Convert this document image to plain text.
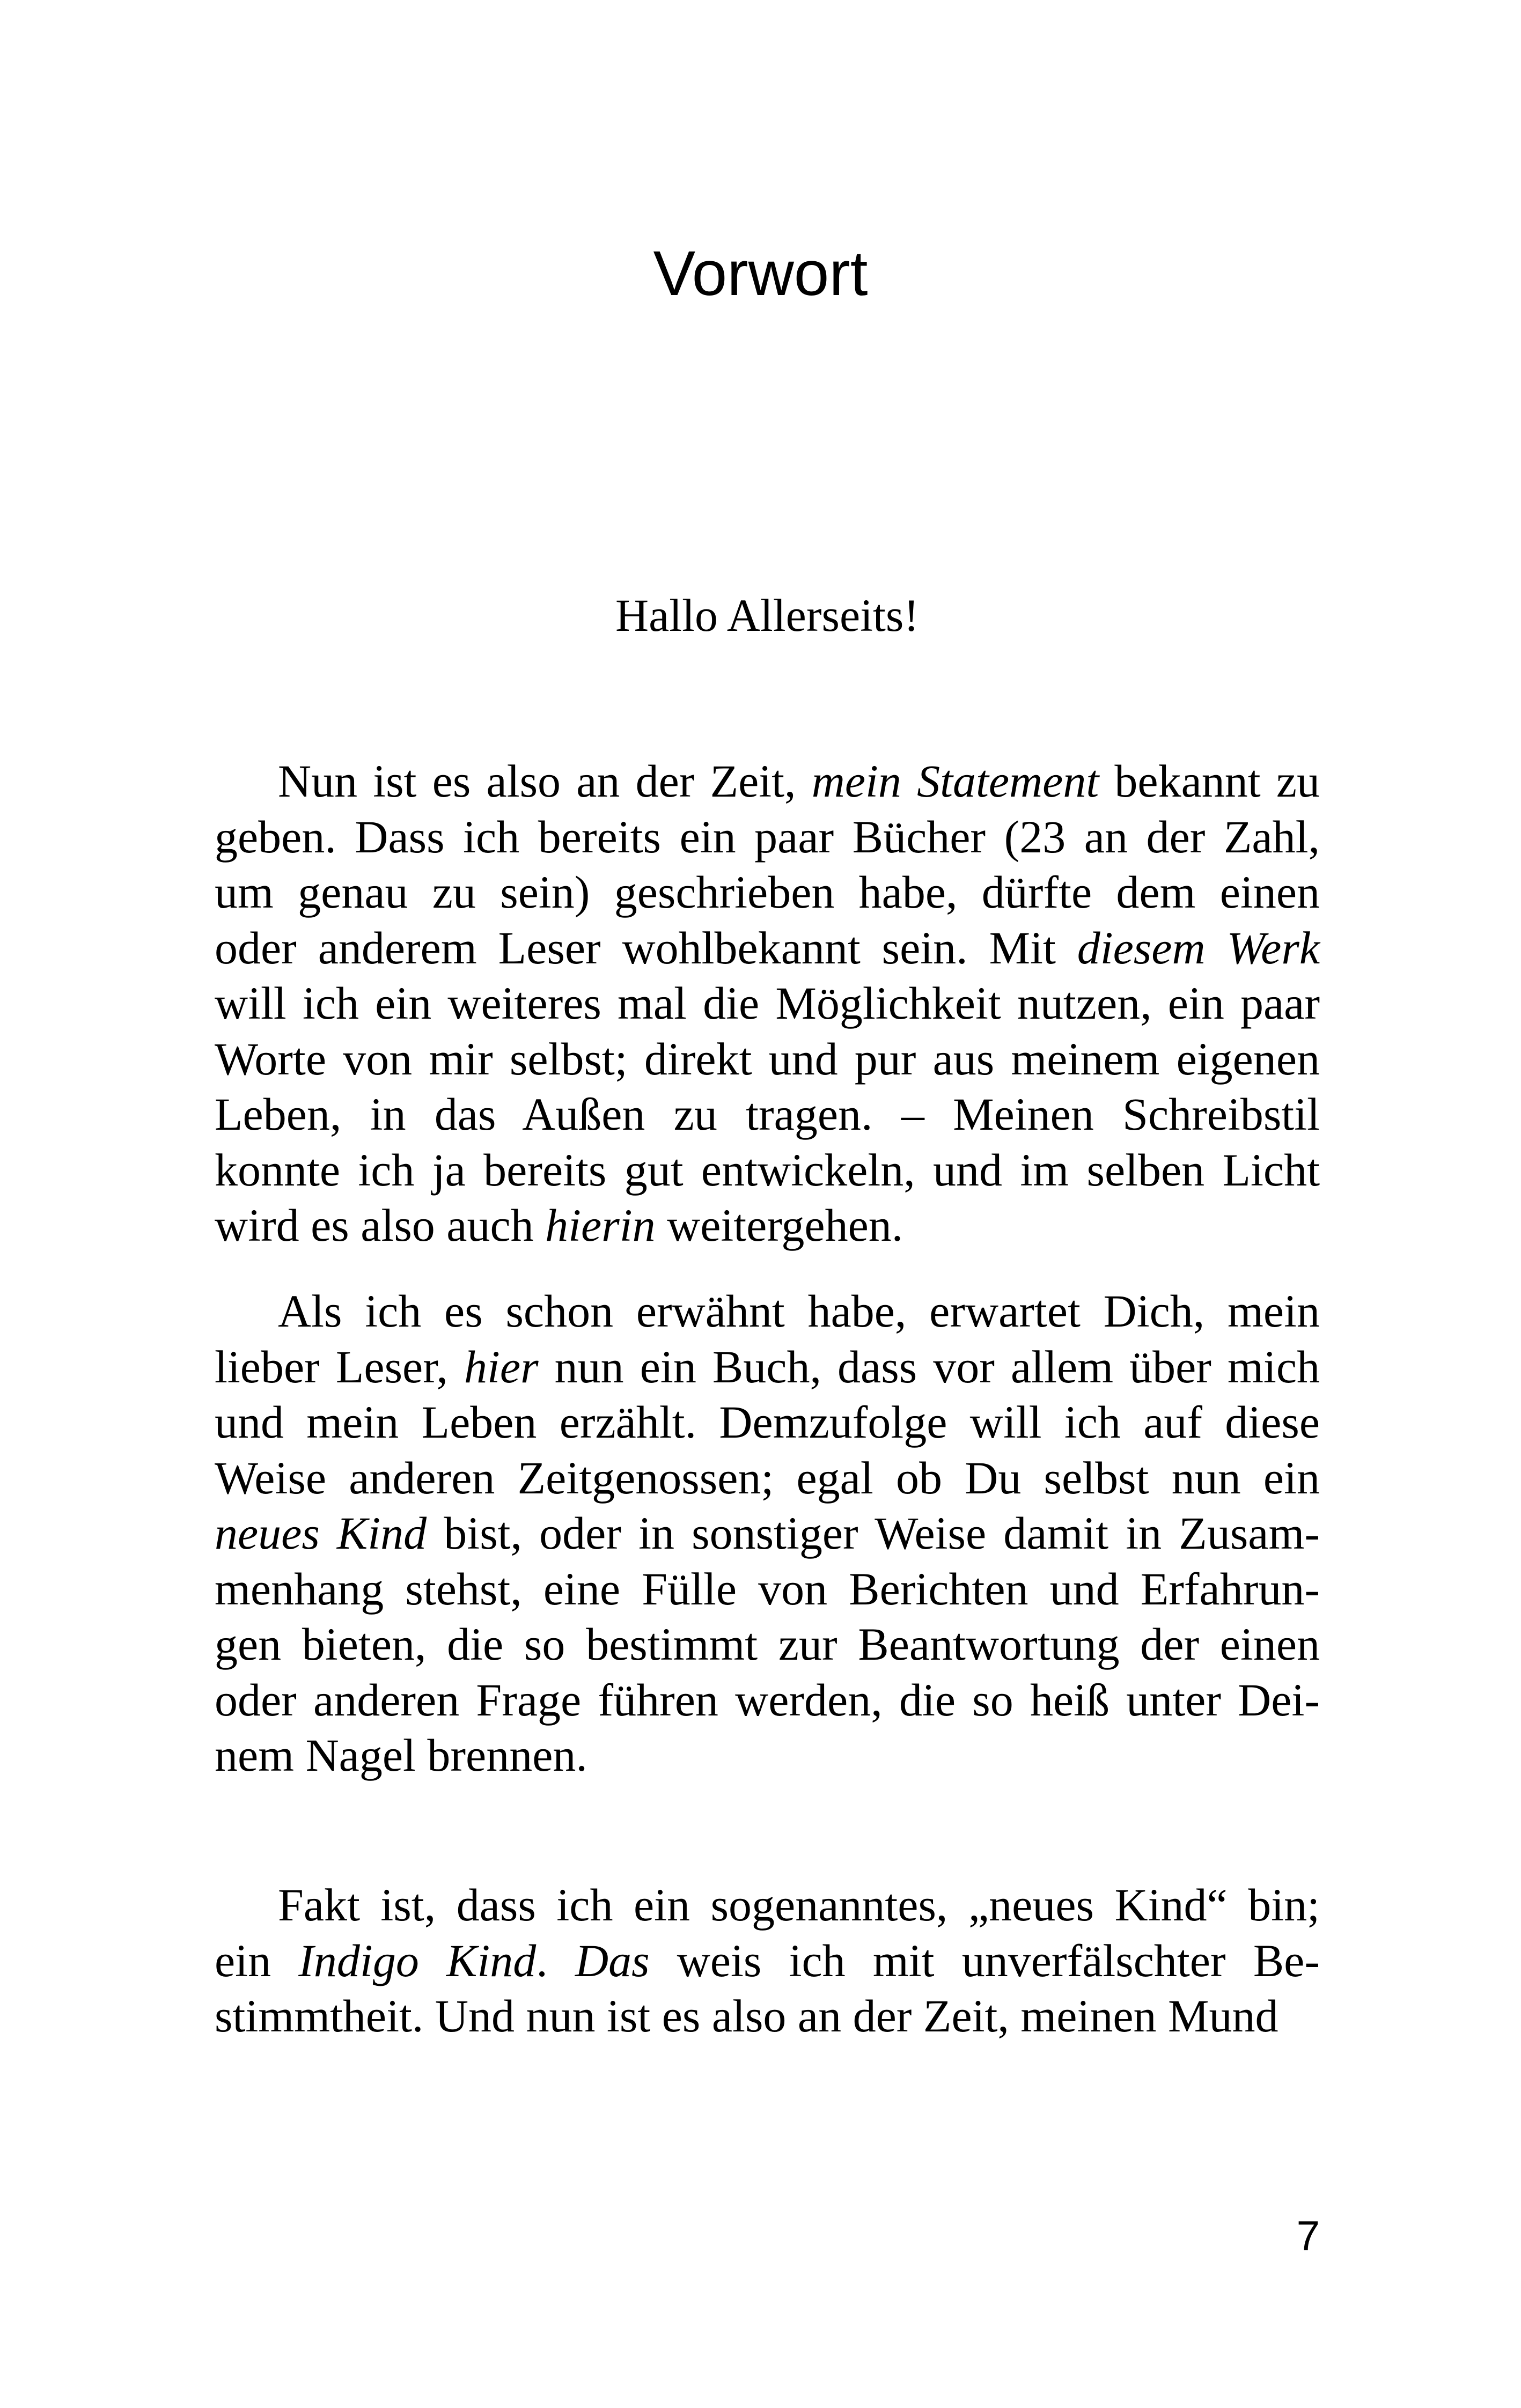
Vorwort

Hallo Allerseits!

Nun ist es also an der Zeit, mein Statement bekannt zu
geben. Dass ich bereits ein paar Bücher (23 an der Zahl,
um genau zu sein) geschrieben habe, dürfte dem einen
oder anderem Leser wohlbekannt sein. Mit diesem Werk
will ich ein weiteres mal die Möglichkeit nutzen, ein paar
Worte von mir selbst; direkt und pur aus meinem eigenen
Leben, in das Außen zu tragen. – Meinen Schreibstil
konnte ich ja bereits gut entwickeln, und im selben Licht
wird es also auch hierin weitergehen.
Als ich es schon erwähnt habe, erwartet Dich, mein
lieber Leser, hier nun ein Buch, dass vor allem über mich
und mein Leben erzählt. Demzufolge will ich auf diese
Weise anderen Zeitgenossen; egal ob Du selbst nun ein
neues Kind bist, oder in sonstiger Weise damit in Zusam-
menhang stehst, eine Fülle von Berichten und Erfahrun-
gen bieten, die so bestimmt zur Beantwortung der einen
oder anderen Frage führen werden, die so heiß unter Dei-
nem Nagel brennen.
Fakt ist, dass ich ein sogenanntes, „neues Kind“ bin;
ein Indigo Kind. Das weis ich mit unverfälschter Be-
stimmtheit. Und nun ist es also an der Zeit, meinen Mund
7
